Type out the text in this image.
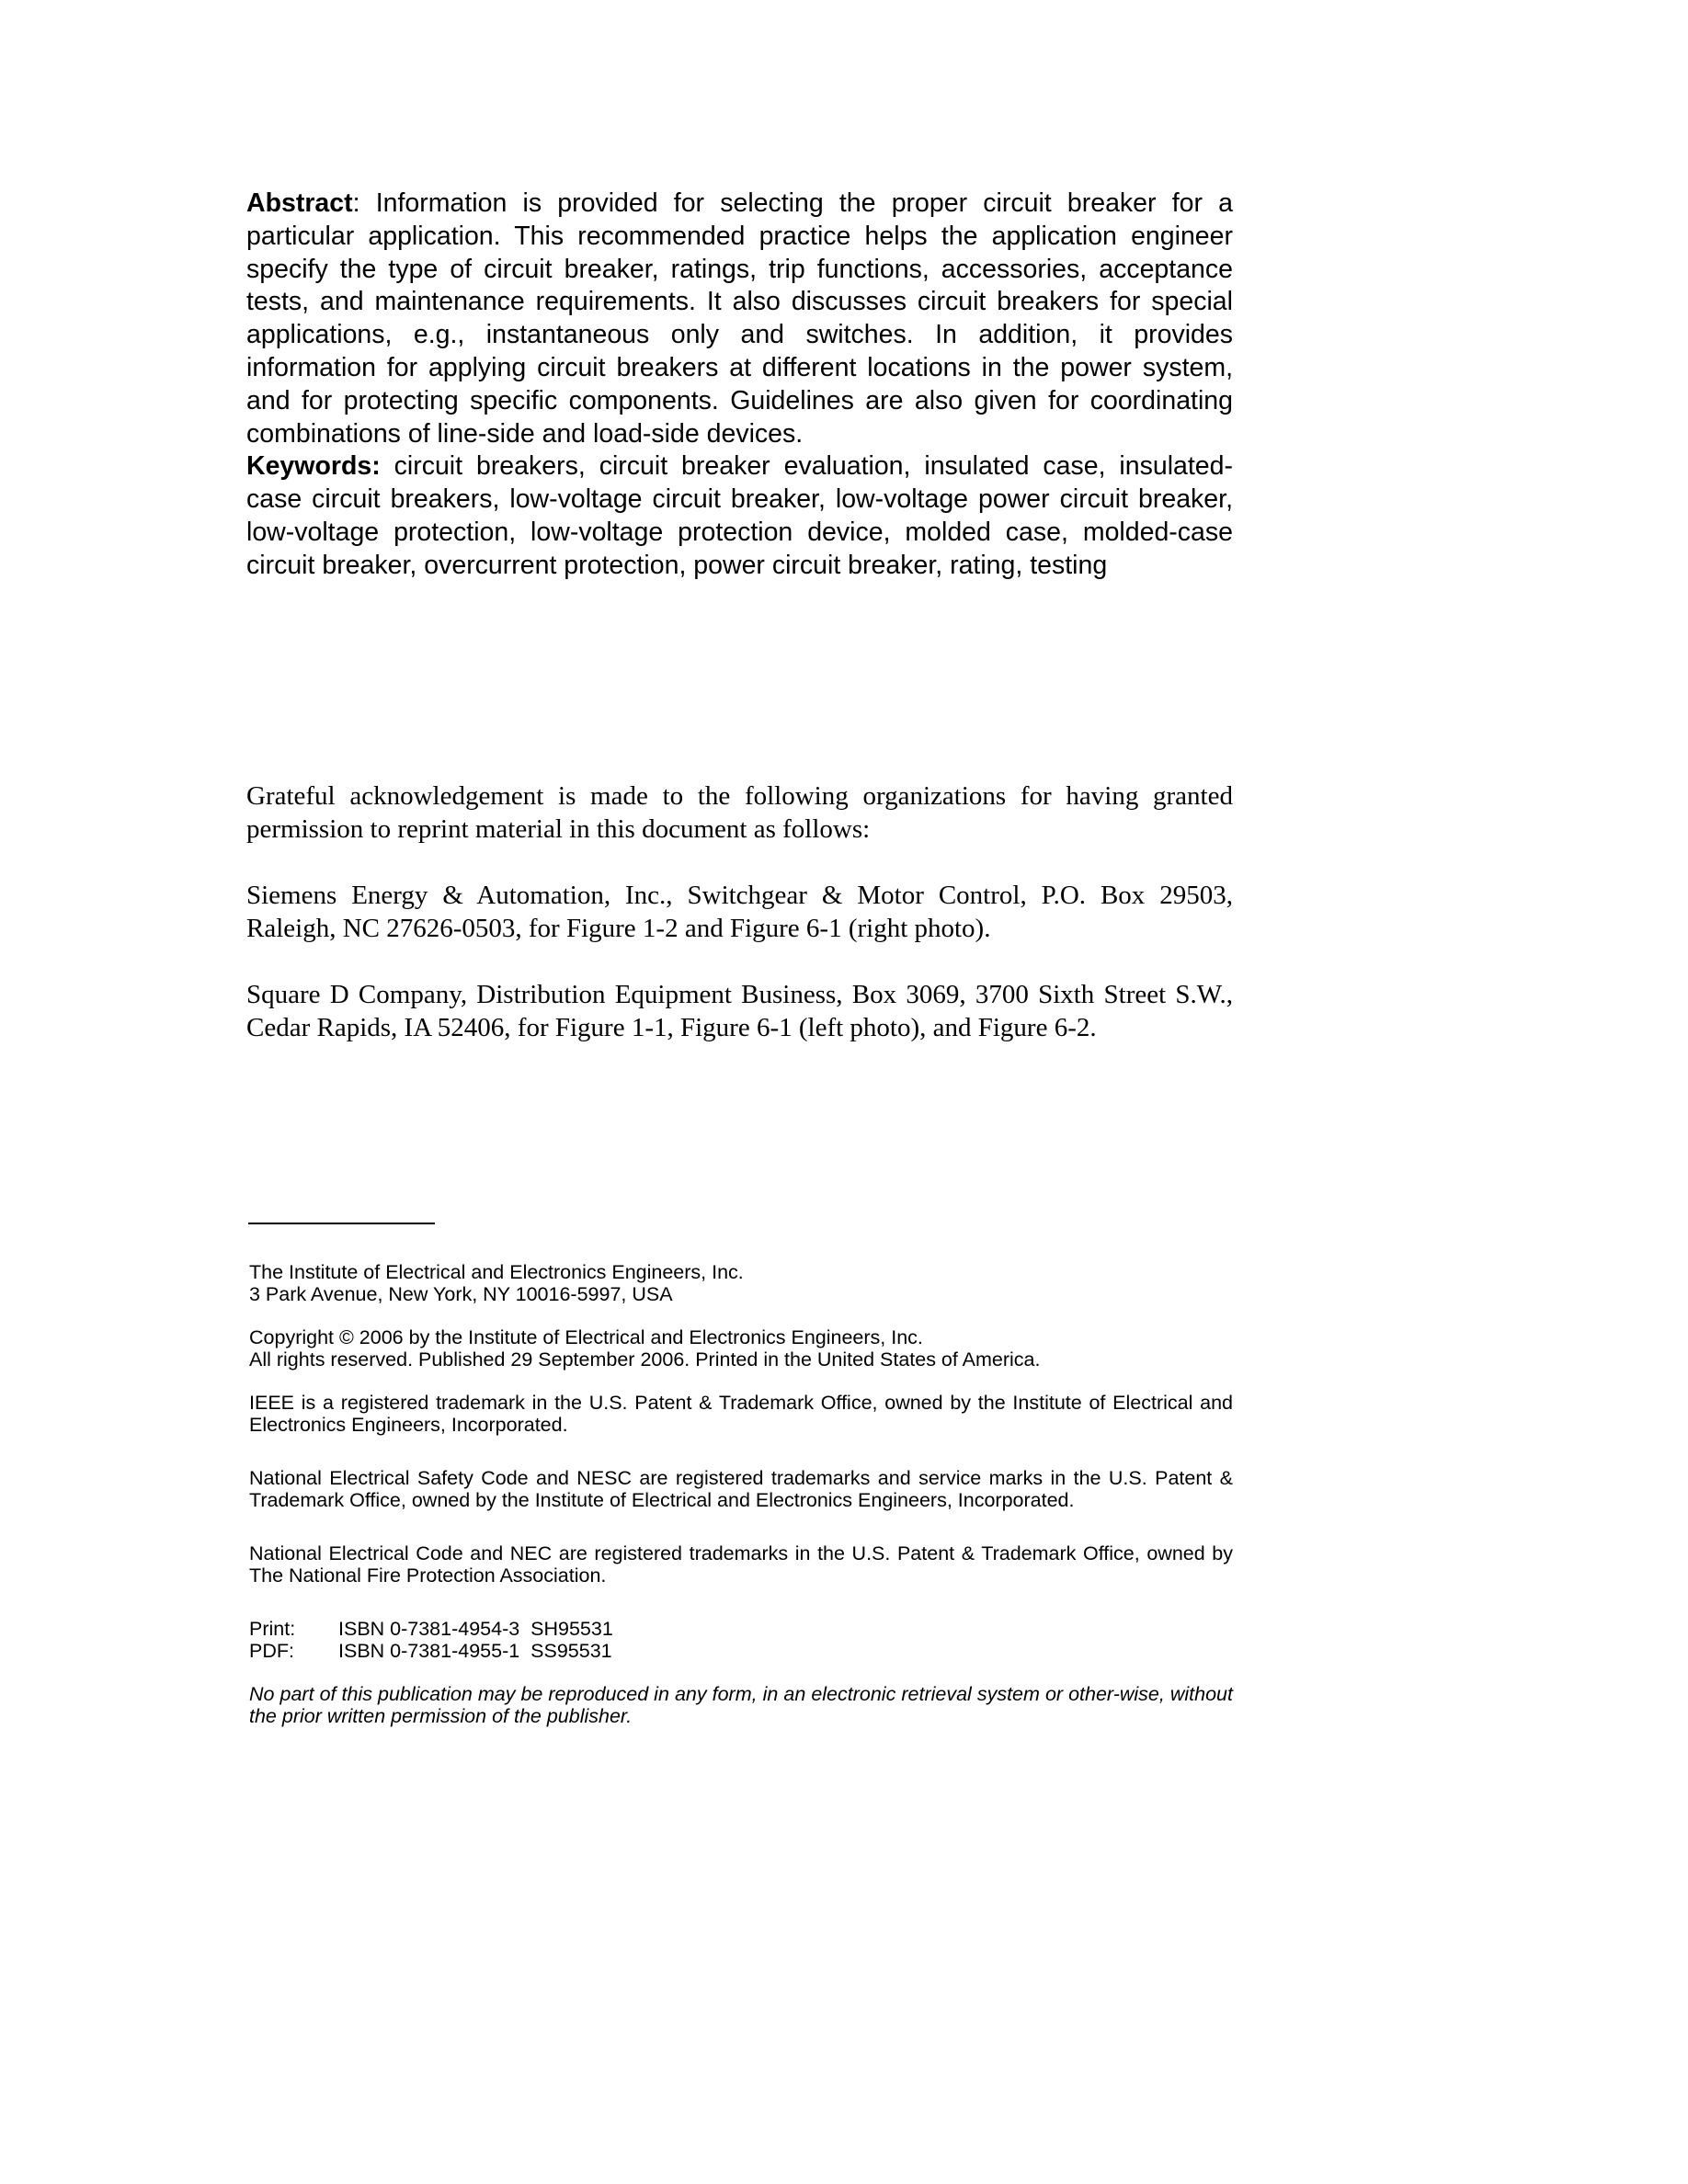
Abstract: Information is provided for selecting the proper circuit breaker for a particular application. This recommended practice helps the application engineer specify the type of circuit breaker, ratings, trip functions, accessories, acceptance tests, and maintenance requirements. It also discusses circuit breakers for special applications, e.g., instantaneous only and switches. In addition, it provides information for applying circuit breakers at different locations in the power system, and for protecting specific components. Guidelines are also given for coordinating combinations of line-side and load-side devices.

Keywords: circuit breakers, circuit breaker evaluation, insulated case, insulated-case circuit breakers, low-voltage circuit breaker, low-voltage power circuit breaker, low-voltage protection, low-voltage protection device, molded case, molded-case circuit breaker, overcurrent protection, power circuit breaker, rating, testing

Grateful acknowledgement is made to the following organizations for having granted permission to reprint material in this document as follows:

Siemens Energy & Automation, Inc., Switchgear & Motor Control, P.O. Box 29503, Raleigh, NC 27626-0503, for Figure 1-2 and Figure 6-1 (right photo).

Square D Company, Distribution Equipment Business, Box 3069, 3700 Sixth Street S.W., Cedar Rapids, IA 52406, for Figure 1-1, Figure 6-1 (left photo), and Figure 6-2.

The Institute of Electrical and Electronics Engineers, Inc.

3 Park Avenue, New York, NY 10016-5997, USA

Copyright © 2006 by the Institute of Electrical and Electronics Engineers, Inc.

All rights reserved. Published 29 September 2006. Printed in the United States of America.

IEEE is a registered trademark in the U.S. Patent & Trademark Office, owned by the Institute of Electrical and Electronics Engineers, Incorporated.

National Electrical Safety Code and NESC are registered trademarks and service marks in the U.S. Patent & Trademark Office, owned by the Institute of Electrical and Electronics Engineers, Incorporated.

National Electrical Code and NEC are registered trademarks in the U.S. Patent & Trademark Office, owned by The National Fire Protection Association.

Print:	ISBN 0-7381-4954-3  SH95531
PDF:	ISBN 0-7381-4955-1  SS95531

No part of this publication may be reproduced in any form, in an electronic retrieval system or other-wise, without the prior written permission of the publisher.
